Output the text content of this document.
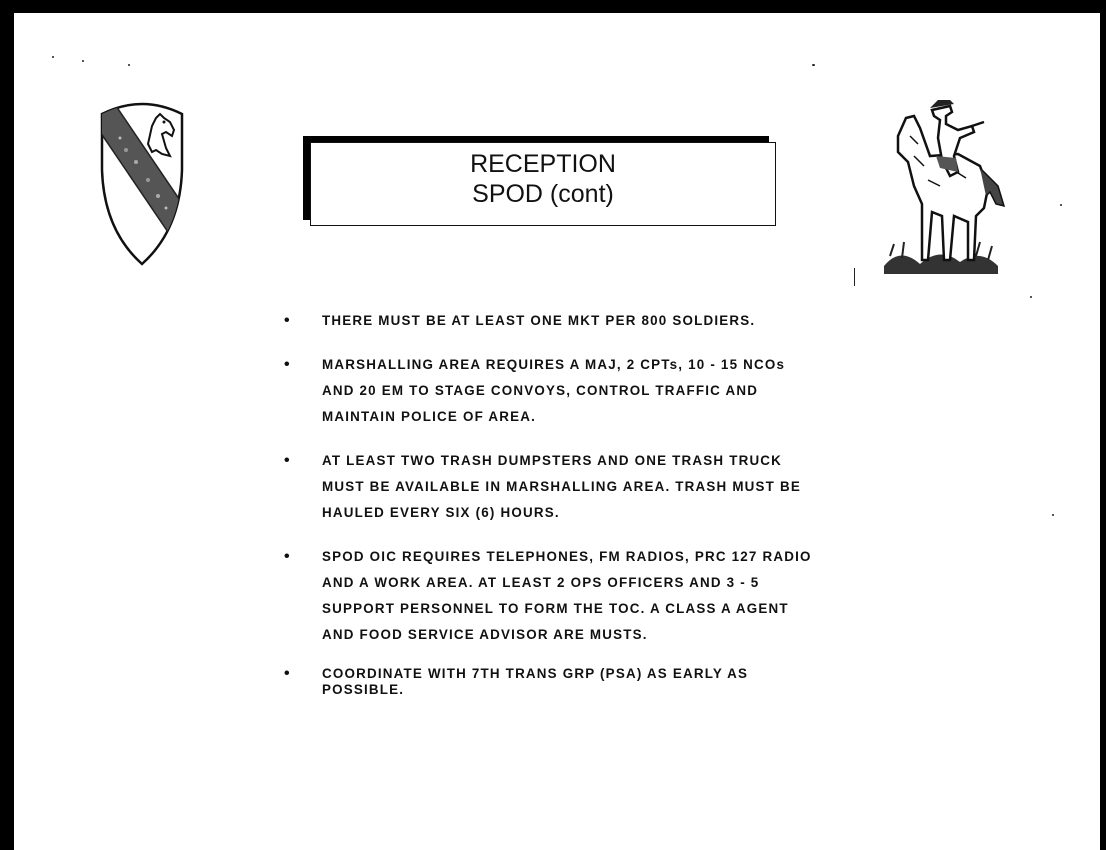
RECEPTION
SPOD (cont)
• THERE MUST BE AT LEAST ONE MKT PER 800 SOLDIERS.
• MARSHALLING AREA REQUIRES A MAJ, 2 CPTs, 10 - 15 NCOs AND 20 EM TO STAGE CONVOYS, CONTROL TRAFFIC AND MAINTAIN POLICE OF AREA.
• AT LEAST TWO TRASH DUMPSTERS AND ONE TRASH TRUCK MUST BE AVAILABLE IN MARSHALLING AREA. TRASH MUST BE HAULED EVERY SIX (6) HOURS.
• SPOD OIC REQUIRES TELEPHONES, FM RADIOS, PRC 127 RADIO AND A WORK AREA. AT LEAST 2 OPS OFFICERS AND 3 - 5 SUPPORT PERSONNEL TO FORM THE TOC. A CLASS A AGENT AND FOOD SERVICE ADVISOR ARE MUSTS.
• COORDINATE WITH 7TH TRANS GRP (PSA) AS EARLY AS POSSIBLE.
